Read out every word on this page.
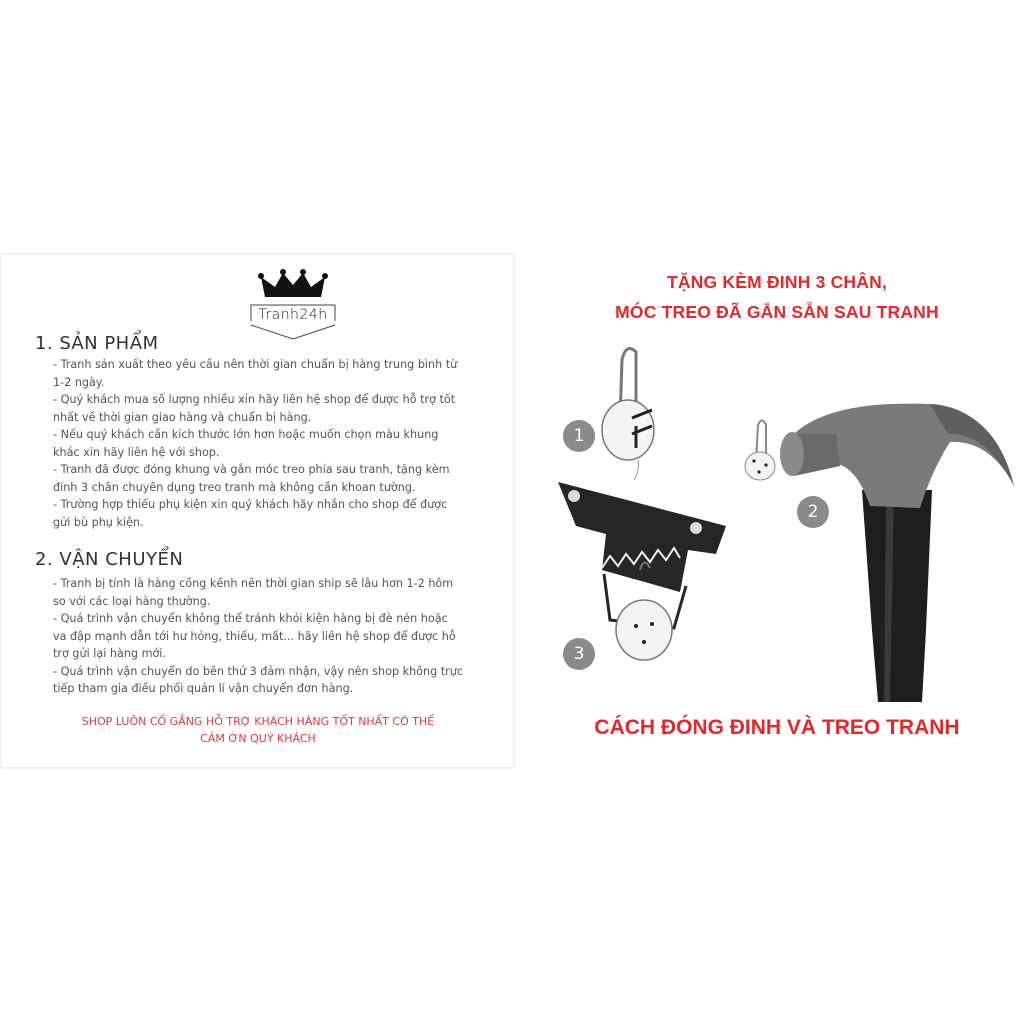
Tranh24h
1. SẢN PHẨM
- Tranh sản xuất theo yêu cầu nên thời gian chuẩn bị hàng trung bình từ
1-2 ngày.
- Quý khách mua số lượng nhiều xin hãy liên hệ shop để được hỗ trợ tốt
nhất về thời gian giao hàng và chuẩn bị hàng.
- Nếu quý khách cần kích thước lớn hơn hoặc muốn chọn màu khung
khác xin hãy liên hệ với shop.
- Tranh đã được đóng khung và gắn móc treo phía sau tranh, tặng kèm
đinh 3 chân chuyên dụng treo tranh mà không cần khoan tường.
- Trường hợp thiếu phụ kiện xin quý khách hãy nhắn cho shop để được
gửi bù phụ kiện.
2. VẬN CHUYỂN
- Tranh bị tính là hàng cồng kềnh nên thời gian ship sẽ lâu hơn 1-2 hôm
so với các loại hàng thường.
- Quá trình vận chuyển không thể tránh khỏi kiện hàng bị đè nén hoặc
va đập mạnh dẫn tới hư hỏng, thiếu, mất... hãy liên hệ shop để được hỗ
trợ gửi lại hàng mới.
- Quá trình vận chuyển do bên thứ 3 đảm nhận, vậy nên shop không trực
tiếp tham gia điều phối quản lí vận chuyển đơn hàng.
SHOP LUÔN CỐ GẮNG HỖ TRỢ KHÁCH HÀNG TỐT NHẤT CÓ THỂ
CẢM ƠN QUÝ KHÁCH
TẶNG KÈM ĐINH 3 CHÂN,
MÓC TREO ĐÃ GẮN SẴN SAU TRANH
1
2
3
CÁCH ĐÓNG ĐINH VÀ TREO TRANH
